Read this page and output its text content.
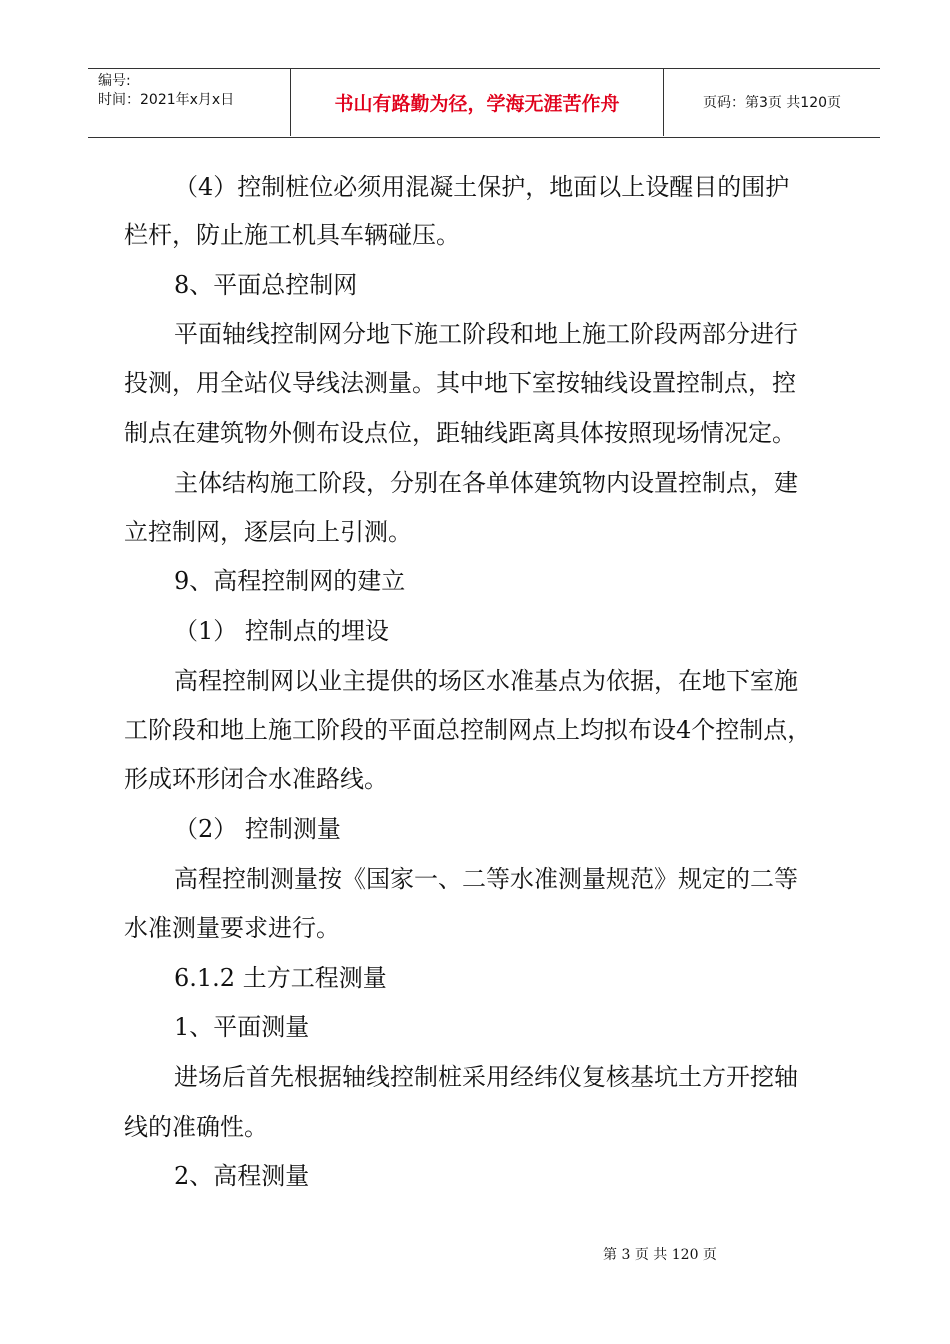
编号:
时间：2021年x月x日	书山有路勤为径，学海无涯苦作舟	页码：第3页 共120页
（4）控制桩位必须用混凝土保护，地面以上设醒目的围护
栏杆，防止施工机具车辆碰压。
8、平面总控制网
平面轴线控制网分地下施工阶段和地上施工阶段两部分进行
投测，用全站仪导线法测量。其中地下室按轴线设置控制点，控
制点在建筑物外侧布设点位，距轴线距离具体按照现场情况定。
主体结构施工阶段，分别在各单体建筑物内设置控制点，建
立控制网，逐层向上引测。
9、高程控制网的建立
（1） 控制点的埋设
高程控制网以业主提供的场区水准基点为依据，在地下室施
工阶段和地上施工阶段的平面总控制网点上均拟布设4个控制点，
形成环形闭合水准路线。
（2） 控制测量
高程控制测量按《国家一、二等水准测量规范》规定的二等
水准测量要求进行。
6.1.2 土方工程测量
1、平面测量
进场后首先根据轴线控制桩采用经纬仪复核基坑土方开挖轴
线的准确性。
2、高程测量
第 3 页 共 120 页
